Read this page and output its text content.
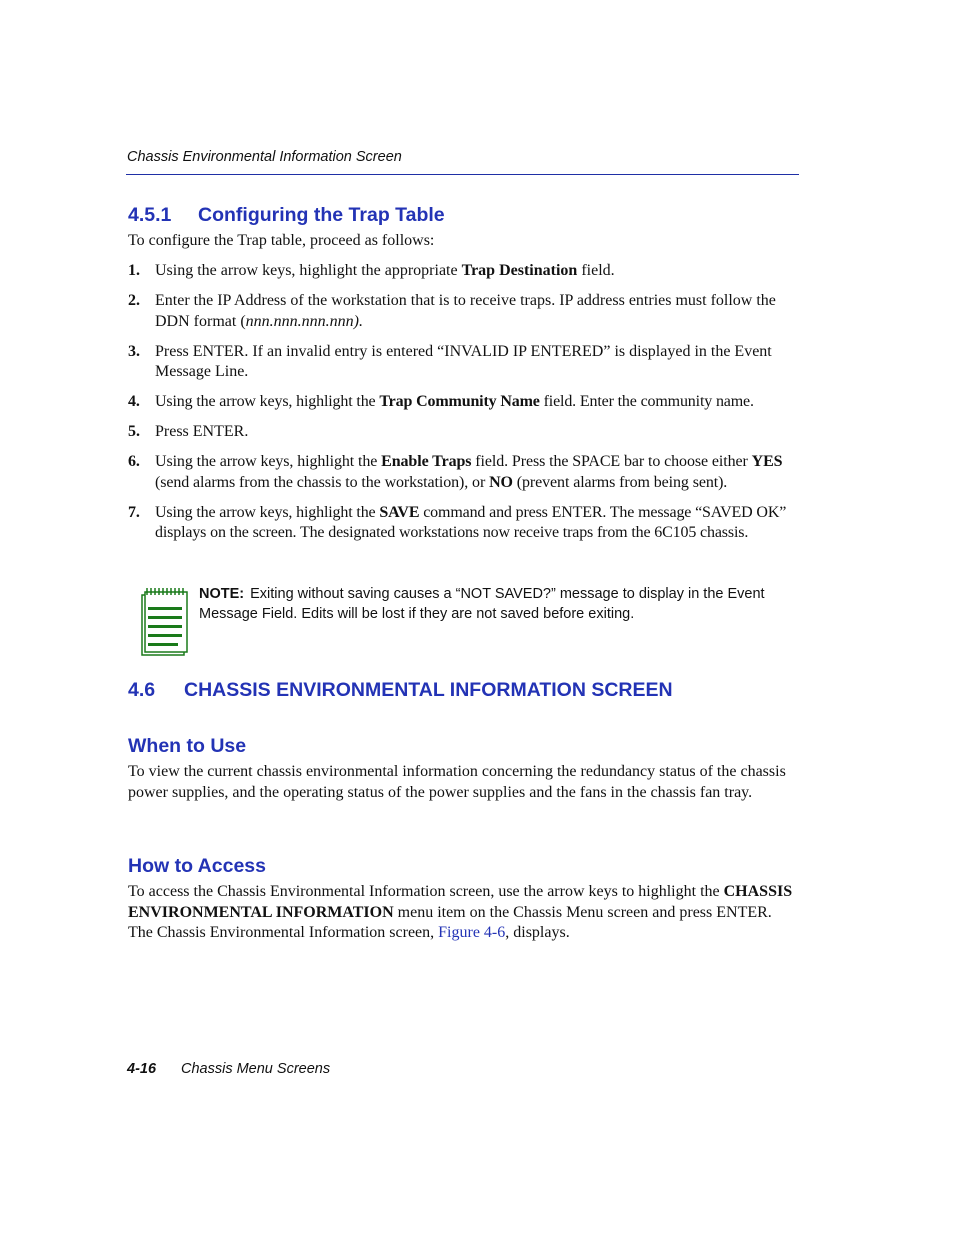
Chassis Environmental Information Screen
4.5.1 Configuring the Trap Table
To configure the Trap table, proceed as follows:
1. Using the arrow keys, highlight the appropriate Trap Destination field.
2. Enter the IP Address of the workstation that is to receive traps. IP address entries must follow the DDN format (nnn.nnn.nnn.nnn).
3. Press ENTER. If an invalid entry is entered “INVALID IP ENTERED” is displayed in the Event Message Line.
4. Using the arrow keys, highlight the Trap Community Name field. Enter the community name.
5. Press ENTER.
6. Using the arrow keys, highlight the Enable Traps field. Press the SPACE bar to choose either YES (send alarms from the chassis to the workstation), or NO (prevent alarms from being sent).
7. Using the arrow keys, highlight the SAVE command and press ENTER. The message “SAVED OK” displays on the screen. The designated workstations now receive traps from the 6C105 chassis.
NOTE: Exiting without saving causes a “NOT SAVED?” message to display in the Event Message Field. Edits will be lost if they are not saved before exiting.
4.6 CHASSIS ENVIRONMENTAL INFORMATION SCREEN
When to Use

To view the current chassis environmental information concerning the redundancy status of the chassis power supplies, and the operating status of the power supplies and the fans in the chassis fan tray.

How to Access

To access the Chassis Environmental Information screen, use the arrow keys to highlight the CHASSIS ENVIRONMENTAL INFORMATION menu item on the Chassis Menu screen and press ENTER. The Chassis Environmental Information screen, Figure 4-6, displays.

4-16 Chassis Menu Screens
